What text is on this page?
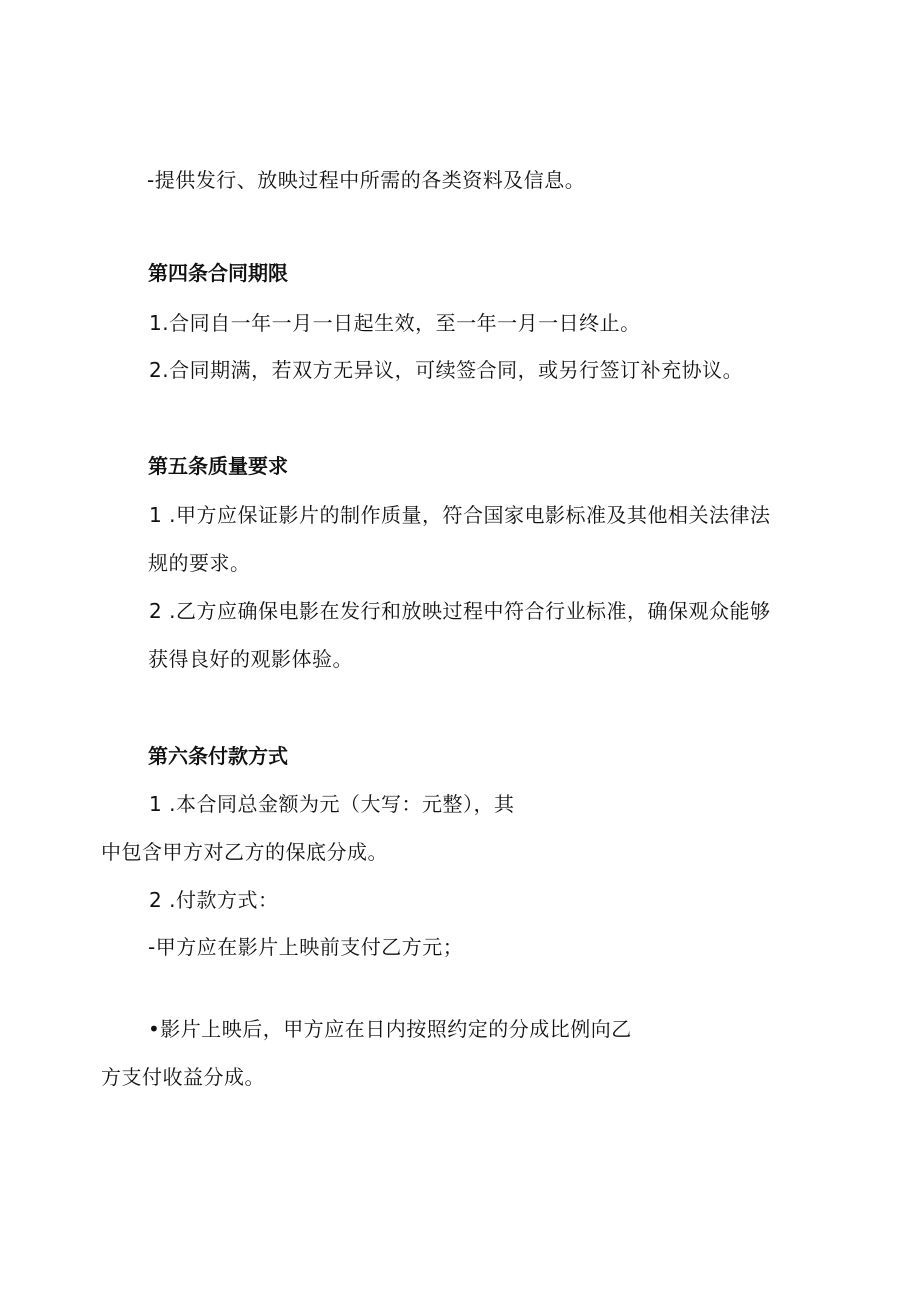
-提供发行、放映过程中所需的各类资料及信息。
第四条合同期限
1.合同自一年一月一日起生效，至一年一月一日终止。
2.合同期满，若双方无异议，可续签合同，或另行签订补充协议。
第五条质量要求
1 .甲方应保证影片的制作质量，符合国家电影标准及其他相关法律法
规的要求。
2 .乙方应确保电影在发行和放映过程中符合行业标准，确保观众能够
获得良好的观影体验。
第六条付款方式
1 .本合同总金额为元（大写：元整），其
中包含甲方对乙方的保底分成。
2 .付款方式：
-甲方应在影片上映前支付乙方元；
•影片上映后，甲方应在日内按照约定的分成比例向乙
方支付收益分成。
